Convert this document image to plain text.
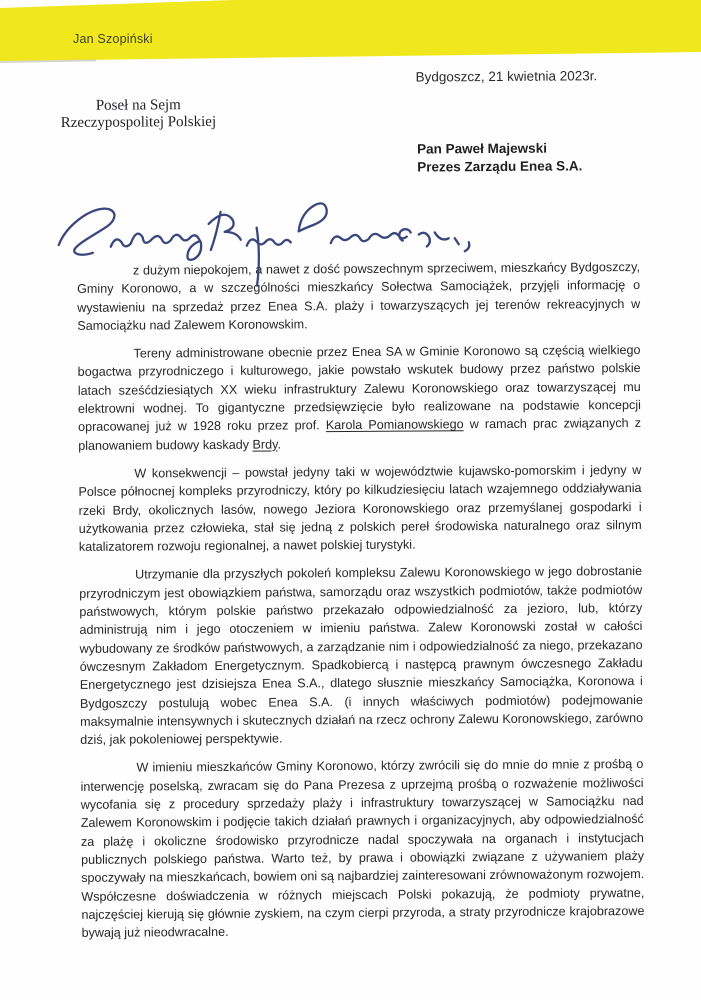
Jan Szopiński
Bydgoszcz, 21 kwietnia 2023r.
Poseł na Sejm
Rzeczypospolitej Polskiej
Pan Paweł Majewski
Prezes Zarządu Enea S.A.

z dużym niepokojem, a nawet z dość powszechnym sprzeciwem, mieszkańcy Bydgoszczy, Gminy Koronowo, a w szczególności mieszkańcy Sołectwa Samociążek, przyjęli informację o wystawieniu na sprzedaż przez Enea S.A. plaży i towarzyszących jej terenów rekreacyjnych w Samociążku nad Zalewem Koronowskim.

Tereny administrowane obecnie przez Enea SA w Gminie Koronowo są częścią wielkiego bogactwa przyrodniczego i kulturowego, jakie powstało wskutek budowy przez państwo polskie latach sześćdziesiątych XX wieku infrastruktury Zalewu Koronowskiego oraz towarzyszącej mu elektrowni wodnej. To gigantyczne przedsięwzięcie było realizowane na podstawie koncepcji opracowanej już w 1928 roku przez prof. Karola Pomianowskiego w ramach prac związanych z planowaniem budowy kaskady Brdy.

W konsekwencji – powstał jedyny taki w województwie kujawsko-pomorskim i jedyny w Polsce północnej kompleks przyrodniczy, który po kilkudziesięciu latach wzajemnego oddziaływania rzeki Brdy, okolicznych lasów, nowego Jeziora Koronowskiego oraz przemyślanej gospodarki i użytkowania przez człowieka, stał się jedną z polskich pereł środowiska naturalnego oraz silnym katalizatorem rozwoju regionalnej, a nawet polskiej turystyki.

Utrzymanie dla przyszłych pokoleń kompleksu Zalewu Koronowskiego w jego dobrostanie przyrodniczym jest obowiązkiem państwa, samorządu oraz wszystkich podmiotów, także podmiotów państwowych, którym polskie państwo przekazało odpowiedzialność za jezioro, lub, którzy administrują nim i jego otoczeniem w imieniu państwa. Zalew Koronowski został w całości wybudowany ze środków państwowych, a zarządzanie nim i odpowiedzialność za niego, przekazano ówczesnym Zakładom Energetycznym. Spadkobiercą i następcą prawnym ówczesnego Zakładu Energetycznego jest dzisiejsza Enea S.A., dlatego słusznie mieszkańcy Samociążka, Koronowa i Bydgoszczy postulują wobec Enea S.A. (i innych właściwych podmiotów) podejmowanie maksymalnie intensywnych i skutecznych działań na rzecz ochrony Zalewu Koronowskiego, zarówno dziś, jak pokoleniowej perspektywie.

W imieniu mieszkańców Gminy Koronowo, którzy zwrócili się do mnie do mnie z prośbą o interwencję poselską, zwracam się do Pana Prezesa z uprzejmą prośbą o rozważenie możliwości wycofania się z procedury sprzedaży plaży i infrastruktury towarzyszącej w Samociążku nad Zalewem Koronowskim i podjęcie takich działań prawnych i organizacyjnych, aby odpowiedzialność za plażę i okoliczne środowisko przyrodnicze nadal spoczywała na organach i instytucjach publicznych polskiego państwa. Warto też, by prawa i obowiązki związane z używaniem plaży spoczywały na mieszkańcach, bowiem oni są najbardziej zainteresowani zrównoważonym rozwojem. Współczesne doświadczenia w różnych miejscach Polski pokazują, że podmioty prywatne, najczęściej kierują się głównie zyskiem, na czym cierpi przyroda, a straty przyrodnicze krajobrazowe bywają już nieodwracalne.
